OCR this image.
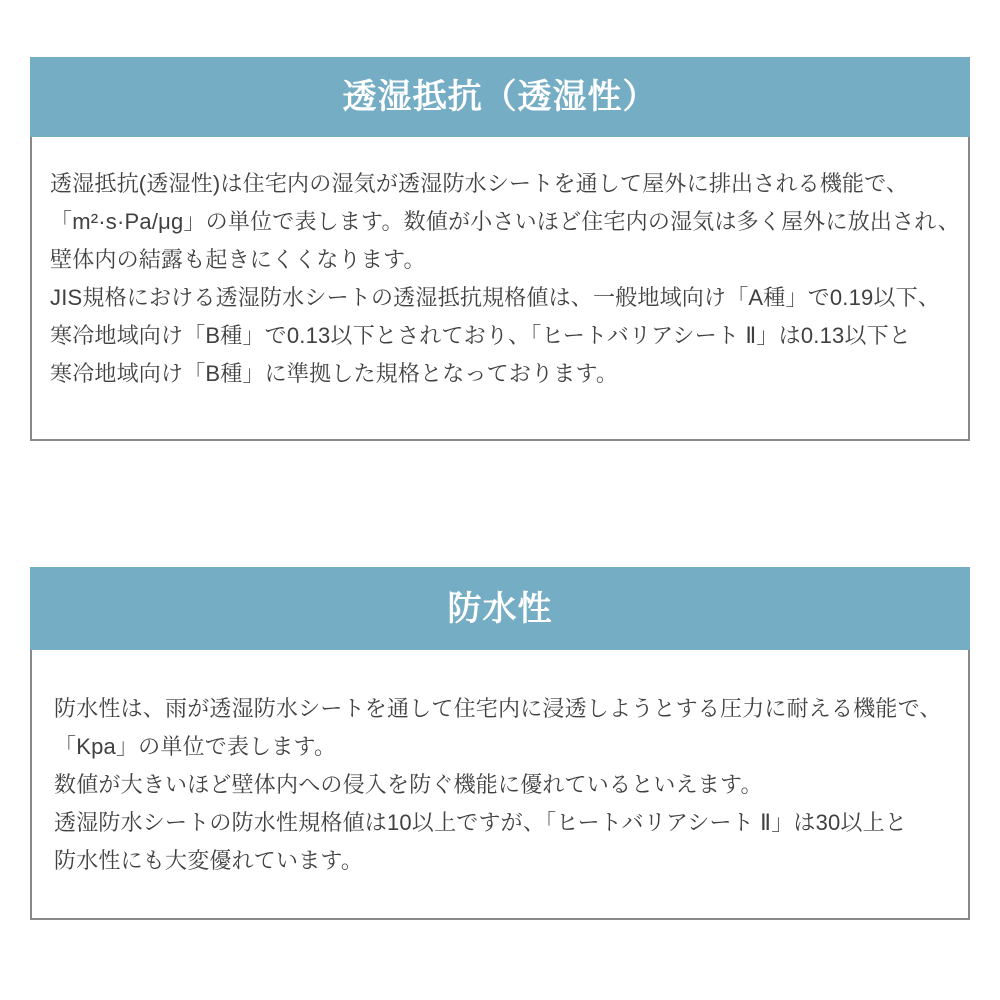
透湿抵抗（透湿性）

透湿抵抗(透湿性)は住宅内の湿気が透湿防水シートを通して屋外に排出される機能で、

「m²·s·Pa/μg」の単位で表します。数値が小さいほど住宅内の湿気は多く屋外に放出され、

壁体内の結露も起きにくくなります。

JIS規格における透湿防水シートの透湿抵抗規格値は、一般地域向け「A種」で0.19以下、

寒冷地域向け「B種」で0.13以下とされており、「ヒートバリアシート Ⅱ」は0.13以下と

寒冷地域向け「B種」に準拠した規格となっております。

防水性

防水性は、雨が透湿防水シートを通して住宅内に浸透しようとする圧力に耐える機能で、

「Kpa」の単位で表します。

数値が大きいほど壁体内への侵入を防ぐ機能に優れているといえます。

透湿防水シートの防水性規格値は10以上ですが、「ヒートバリアシート Ⅱ」は30以上と

防水性にも大変優れています。
